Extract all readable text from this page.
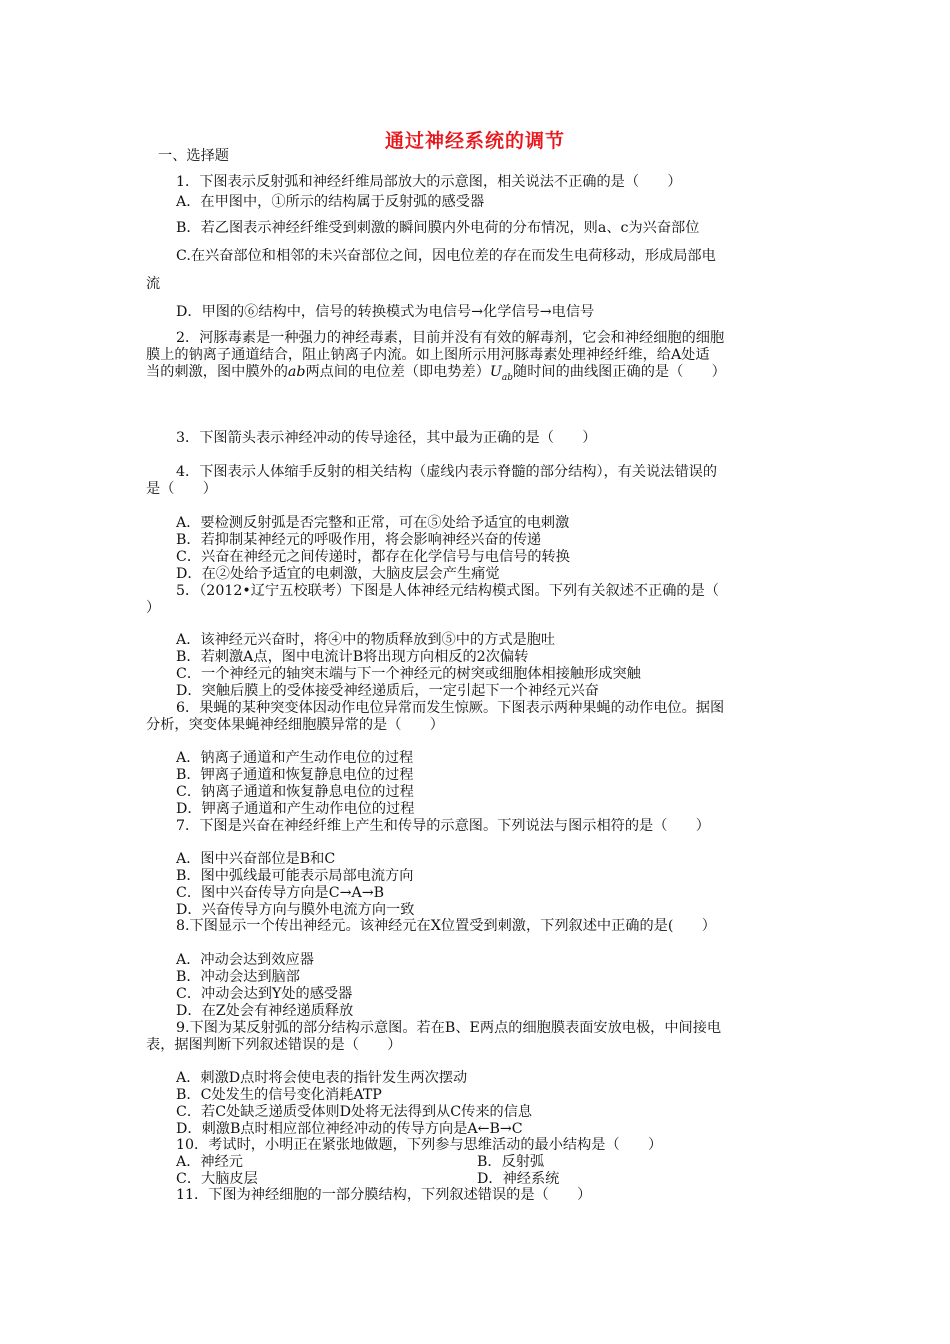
通过神经系统的调节
一、选择题
1．下图表示反射弧和神经纤维局部放大的示意图，相关说法不正确的是（　　）
A．在甲图中，①所示的结构属于反射弧的感受器
B．若乙图表示神经纤维受到刺激的瞬间膜内外电荷的分布情况，则a、c为兴奋部位
C.在兴奋部位和相邻的未兴奋部位之间，因电位差的存在而发生电荷移动，形成局部电
流
D．甲图的⑥结构中，信号的转换模式为电信号→化学信号→电信号
2．河豚毒素是一种强力的神经毒素，目前并没有有效的解毒剂，它会和神经细胞的细胞
膜上的钠离子通道结合，阻止钠离子内流。如上图所示用河豚毒素处理神经纤维，给A处适
当的刺激，图中膜外的ab两点间的电位差（即电势差）$U_{ab}$随时间的曲线图正确的是（　　）
3．下图箭头表示神经冲动的传导途径，其中最为正确的是（　　）
4．下图表示人体缩手反射的相关结构（虚线内表示脊髓的部分结构），有关说法错误的
是（　　）
A．要检测反射弧是否完整和正常，可在⑤处给予适宜的电刺激
B．若抑制某神经元的呼吸作用，将会影响神经兴奋的传递
C．兴奋在神经元之间传递时，都存在化学信号与电信号的转换
D．在②处给予适宜的电刺激，大脑皮层会产生痛觉
5．（2012•辽宁五校联考）下图是人体神经元结构模式图。下列有关叙述不正确的是（
）
A．该神经元兴奋时，将④中的物质释放到⑤中的方式是胞吐
B．若刺激A点，图中电流计B将出现方向相反的2次偏转
C．一个神经元的轴突末端与下一个神经元的树突或细胞体相接触形成突触
D．突触后膜上的受体接受神经递质后，一定引起下一个神经元兴奋
6．果蝇的某种突变体因动作电位异常而发生惊厥。下图表示两种果蝇的动作电位。据图
分析，突变体果蝇神经细胞膜异常的是（　　）
A．钠离子通道和产生动作电位的过程
B．钾离子通道和恢复静息电位的过程
C．钠离子通道和恢复静息电位的过程
D．钾离子通道和产生动作电位的过程
7．下图是兴奋在神经纤维上产生和传导的示意图。下列说法与图示相符的是（　　）
A．图中兴奋部位是B和C
B．图中弧线最可能表示局部电流方向
C．图中兴奋传导方向是C→A→B
D．兴奋传导方向与膜外电流方向一致
8.下图显示一个传出神经元。该神经元在X位置受到刺激，下列叙述中正确的是(　　）
A．冲动会达到效应器
B．冲动会达到脑部
C．冲动会达到Y处的感受器
D．在Z处会有神经递质释放
9.下图为某反射弧的部分结构示意图。若在B、E两点的细胞膜表面安放电极，中间接电
表，据图判断下列叙述错误的是（　　）
A．刺激D点时将会使电表的指针发生两次摆动
B．C处发生的信号变化消耗ATP
C．若C处缺乏递质受体则D处将无法得到从C传来的信息
D．刺激B点时相应部位神经冲动的传导方向是A←B→C
10．考试时，小明正在紧张地做题，下列参与思维活动的最小结构是（　　）
A．神经元	B．反射弧
C．大脑皮层	D．神经系统
11．下图为神经细胞的一部分膜结构，下列叙述错误的是（　　）
